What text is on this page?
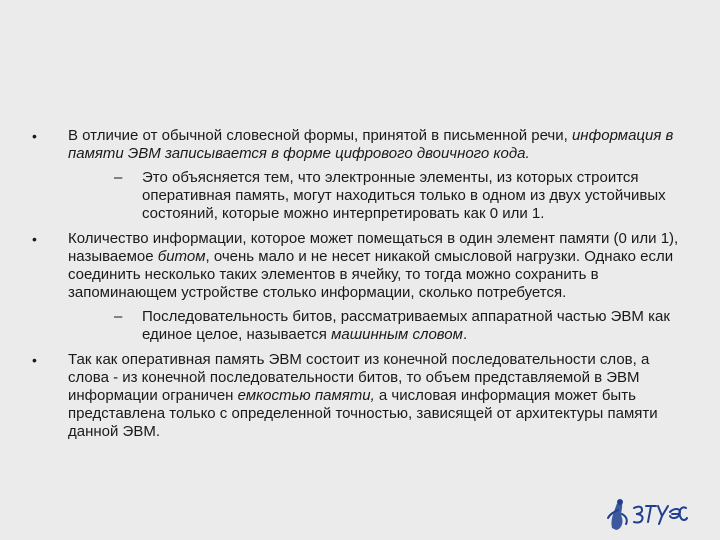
•	В отличие от обычной словесной формы, принятой в письменной речи, информация в памяти ЭВМ записывается в форме цифрового двоичного кода.
– Это объясняется тем, что электронные элементы, из которых строится оперативная память, могут находиться только в одном из двух устойчивых состояний, которые можно интерпретировать как 0 или 1.
•	Количество информации, которое может помещаться в один элемент памяти (0 или 1), называемое битом, очень мало и не несет никакой смысловой нагрузки. Однако если соединить несколько таких элементов в ячейку, то тогда можно сохранить в запоминающем устройстве столько информации, сколько потребуется.
– Последовательность битов, рассматриваемых аппаратной частью ЭВМ как единое целое, называется машинным словом.
•	Так как оперативная память ЭВМ состоит из конечной последовательности слов, а слова - из конечной последовательности битов, то объем представляемой в ЭВМ информации ограничен емкостью памяти, а числовая информация может быть представлена только с определенной точностью, зависящей от архитектуры памяти данной ЭВМ.
